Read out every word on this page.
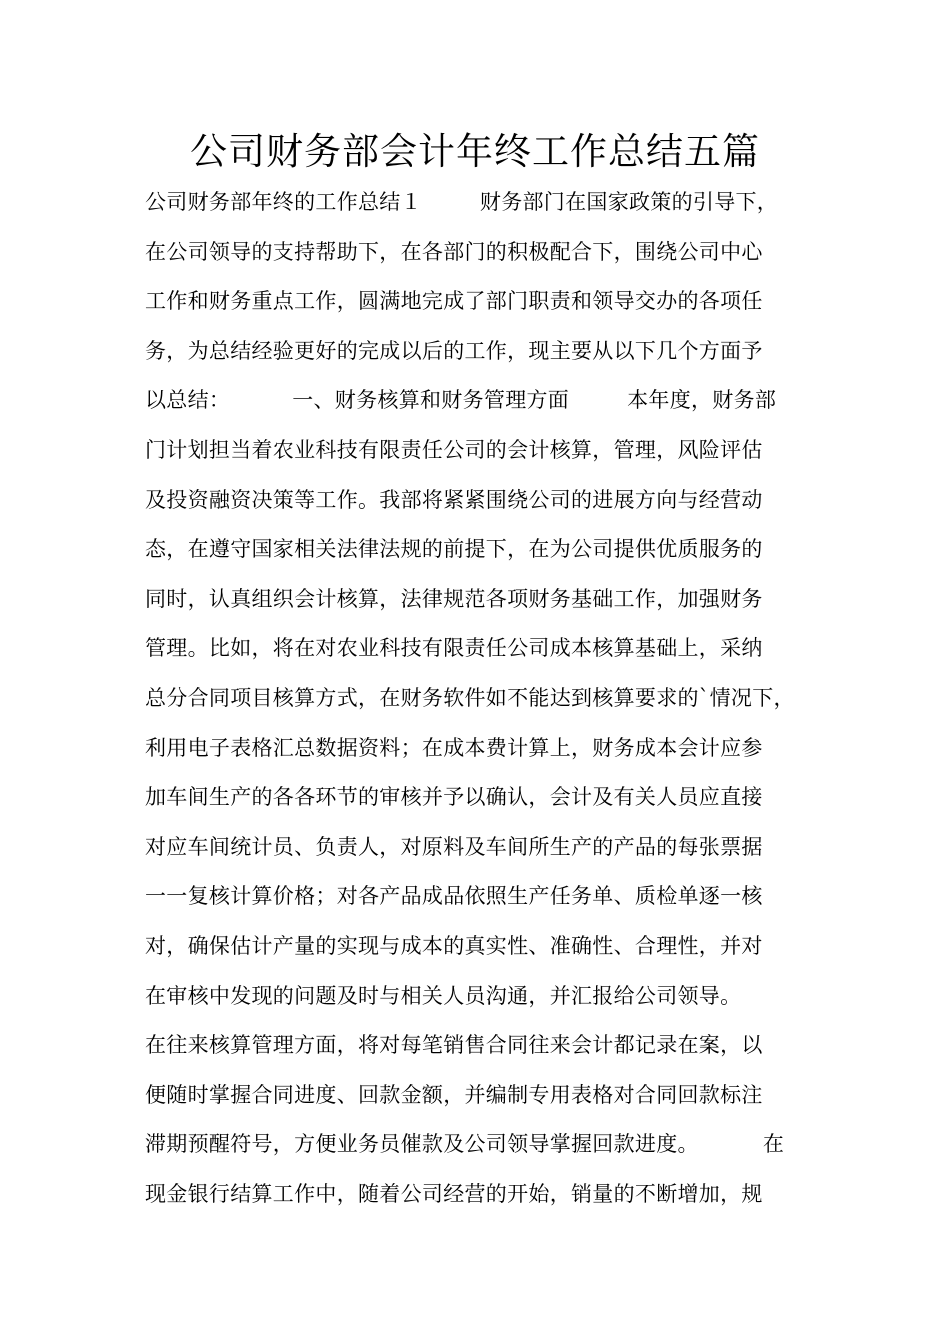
公司财务部会计年终工作总结五篇
公司财务部年终的工作总结１	财务部门在国家政策的引导下，
在公司领导的支持帮助下，在各部门的积极配合下，围绕公司中心
工作和财务重点工作，圆满地完成了部门职责和领导交办的各项任
务，为总结经验更好的完成以后的工作，现主要从以下几个方面予
以总结：	一、财务核算和财务管理方面	本年度，财务部
门计划担当着农业科技有限责任公司的会计核算，管理，风险评估
及投资融资决策等工作。我部将紧紧围绕公司的进展方向与经营动
态，在遵守国家相关法律法规的前提下，在为公司提供优质服务的
同时，认真组织会计核算，法律规范各项财务基础工作，加强财务
管理。比如，将在对农业科技有限责任公司成本核算基础上，采纳
总分合同项目核算方式，在财务软件如不能达到核算要求的`情况下，
利用电子表格汇总数据资料；在成本费计算上，财务成本会计应参
加车间生产的各各环节的审核并予以确认，会计及有关人员应直接
对应车间统计员、负责人，对原料及车间所生产的产品的每张票据
一一复核计算价格；对各产品成品依照生产任务单、质检单逐一核
对，确保估计产量的实现与成本的真实性、准确性、合理性，并对
在审核中发现的问题及时与相关人员沟通，并汇报给公司领导。
在往来核算管理方面，将对每笔销售合同往来会计都记录在案，以
便随时掌握合同进度、回款金额，并编制专用表格对合同回款标注
滞期预醒符号，方便业务员催款及公司领导掌握回款进度。	在
现金银行结算工作中，随着公司经营的开始，销量的不断增加，规
